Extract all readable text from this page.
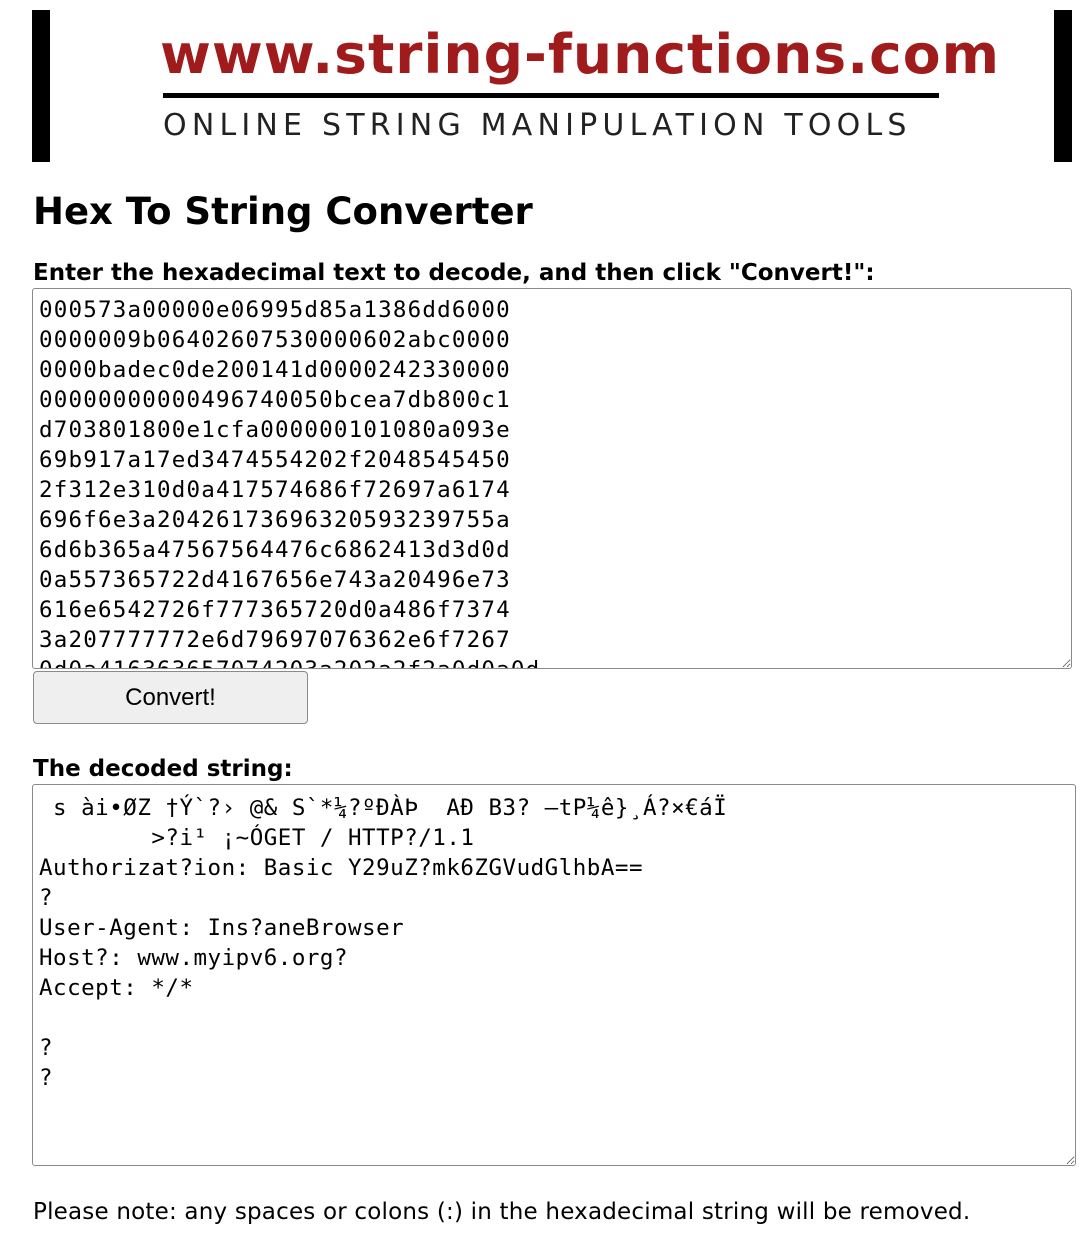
www.string-functions.com
ONLINE STRING MANIPULATION TOOLS
Hex To String Converter
Enter the hexadecimal text to decode, and then click "Convert!":
000573a00000e06995d85a1386dd6000 0000009b06402607530000602abc0000 0000badec0de200141d0000242330000 00000000000496740050bcea7db800c1 d703801800e1cfa000000101080a093e 69b917a17ed3474554202f2048545450 2f312e310d0a417574686f72697a6174 696f6e3a20426173696320593239755a 6d6b365a47567564476c6862413d3d0d 0a557365722d4167656e743a20496e73 616e6542726f777365720d0a486f7374 3a207777772e6d79697076362e6f7267 0d0a416363657074203a202a2f2a0d0a0d
Convert!
The decoded string:
s ài•ØZ †Ý`?› @& S`*¼?ºÐÀÞ AÐ B3? —tP¼ê}¸Á?×€áÏ >?i¹ ¡~ÓGET / HTTP?/1.1 Authorizat?ion: Basic Y29uZ?mk6ZGVudGlhbA== ? User-Agent: Ins?aneBrowser Host?: www.myipv6.org? Accept: */* ? ?

Please note: any spaces or colons (:) in the hexadecimal string will be removed.
